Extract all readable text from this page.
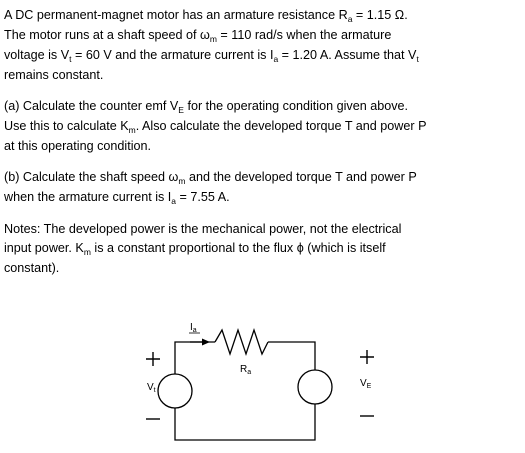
A DC permanent-magnet motor has an armature resistance $R_a = 1.15$ Ω.
The motor runs at a shaft speed of $\omega_m = 110$ rad/s when the armature
voltage is $V_t = 60$ V and the armature current is $I_a = 1.20$ A. Assume that $V_t$
remains constant.

(a) Calculate the counter emf $V_E$ for the operating condition given above.
Use this to calculate $K_m$. Also calculate the developed torque T and power P
at this operating condition.

(b) Calculate the shaft speed $\omega_m$ and the developed torque T and power P
when the armature current is $I_a = 7.55$ A.

Notes: The developed power is the mechanical power, not the electrical
input power. $K_m$ is a constant proportional to the flux ϕ (which is itself
constant).

$I_a$
$R_a$
$V_t$
$V_E$
